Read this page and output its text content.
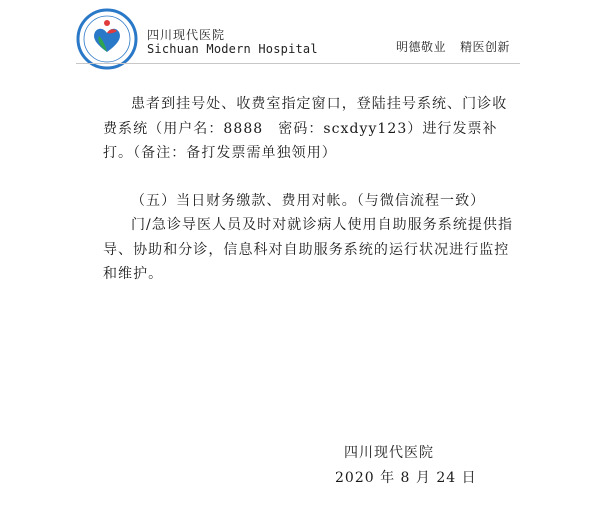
四川现代医院
Sichuan Modern Hospital	明德敬业 精医创新
患者到挂号处、收费室指定窗口，登陆挂号系统、门诊收费系统（用户名：8888　密码：scxdyy123）进行发票补打。（备注：备打发票需单独领用）
（五）当日财务缴款、费用对帐。（与微信流程一致）
门/急诊导医人员及时对就诊病人使用自助服务系统提供指导、协助和分诊，信息科对自助服务系统的运行状况进行监控和维护。
四川现代医院
2020 年 8 月 24 日
